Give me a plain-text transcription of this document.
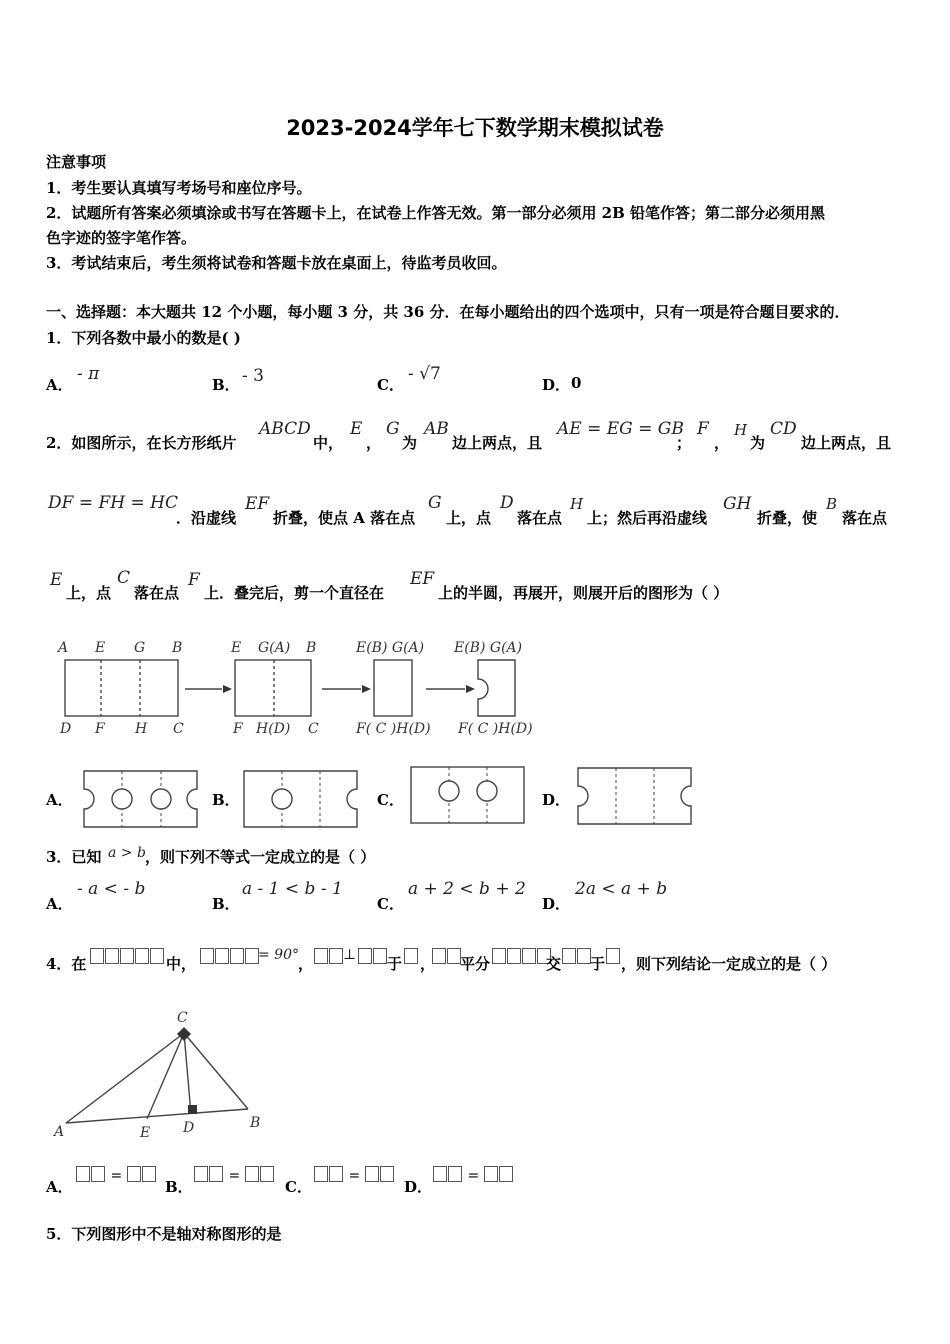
2023-2024学年七下数学期末模拟试卷
注意事项
1．考生要认真填写考场号和座位序号。
2．试题所有答案必须填涂或书写在答题卡上，在试卷上作答无效。第一部分必须用 2B 铅笔作答；第二部分必须用黑
色字迹的签字笔作答。
3．考试结束后，考生须将试卷和答题卡放在桌面上，待监考员收回。
一、选择题：本大题共 12 个小题，每小题 3 分，共 36 分．在每小题给出的四个选项中，只有一项是符合题目要求的．
1．下列各数中最小的数是( )
A．
- π
B． - 3	C．
- √7
D． 0
2．如图所示，在长方形纸片
ABCD
中，
E
，
G
为
AB
边上两点，且
AE = EG = GB
；
F
，
H
为
CD
边上两点，且
DF = FH = HC
．沿虚线
EF
折叠，使点 A 落在点
G
上，点
D
落在点
H
上；然后再沿虚线
GH
折叠，使
B
落在点
E
上，点
C
落在点
F
上．叠完后，剪一个直径在
EF
上的半圆，再展开，则展开后的图形为（ ）
A E G B
D F H C
E G(A) B
F H(D) C
E(B) G(A)
F( C )H(D)
E(B) G(A)
F( C )H(D)
A．	B．	C．	D．
3．已知 a > b ，则下列不等式一定成立的是（ ）
A．
- a < - b
B．
a - 1 < b - 1
C．
a + 2 < b + 2
D．
2a < a + b
4．在	中，	= 90° ， ⊥ 于 ， 平分	交 于 ，则下列结论一定成立的是（ ）
C
A	E D	B
A．
=
B．
=
C．
=
D．
=
5．下列图形中不是轴对称图形的是
